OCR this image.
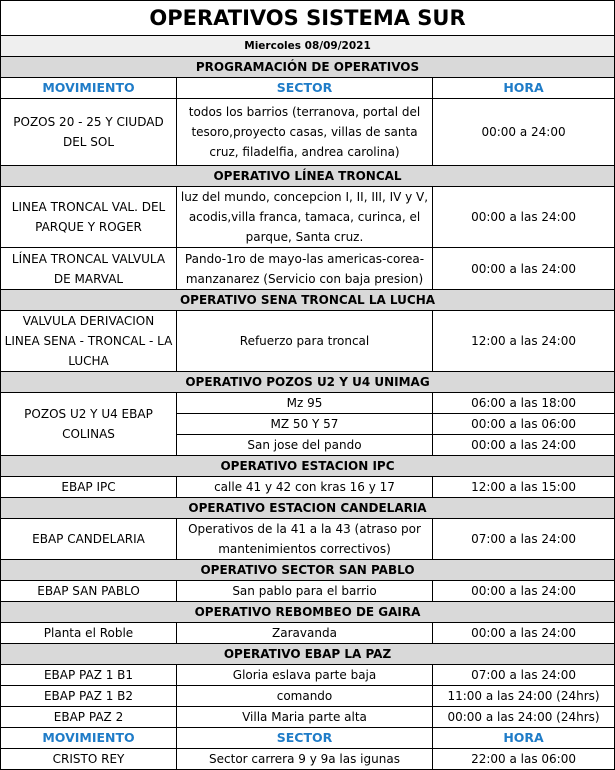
OPERATIVOS SISTEMA SUR		
Miercoles 08/09/2021		
PROGRAMACIÓN DE OPERATIVOS		
MOVIMIENTO	SECTOR	HORA
POZOS 20 - 25 Y CIUDAD DEL SOL	todos los barrios (terranova, portal del tesoro,proyecto casas, villas de santa cruz, filadelfia, andrea carolina)	00:00 a 24:00
OPERATIVO LÍNEA TRONCAL		
LINEA TRONCAL VAL. DEL PARQUE Y ROGER	luz del mundo, concepcion I, II, III, IV y V, acodis,villa franca, tamaca, curinca, el parque, Santa cruz.	00:00 a las 24:00
LÍNEA TRONCAL VALVULA DE MARVAL	Pando-1ro de mayo-las americas-corea-manzanarez (Servicio con baja presion)	00:00 a las 24:00
OPERATIVO SENA TRONCAL LA LUCHA		
VALVULA DERIVACION LINEA SENA - TRONCAL - LA LUCHA	Refuerzo para troncal	12:00 a las 24:00
OPERATIVO POZOS U2 Y U4 UNIMAG		
POZOS U2 Y U4 EBAP COLINAS	Mz 95	06:00 a las 18:00
	MZ 50 Y 57	00:00 a las 06:00
	San jose del pando	00:00 a las 24:00
OPERATIVO ESTACION IPC		
EBAP IPC	calle 41 y 42 con kras 16 y 17	12:00 a las 15:00
OPERATIVO ESTACION CANDELARIA		
EBAP CANDELARIA	Operativos de la 41 a la 43 (atraso por mantenimientos correctivos)	07:00 a las 24:00
OPERATIVO SECTOR SAN PABLO		
EBAP SAN PABLO	San pablo para el barrio	00:00 a las 24:00
OPERATIVO REBOMBEO DE GAIRA		
Planta el Roble	Zaravanda	00:00 a las 24:00
OPERATIVO EBAP LA PAZ		
EBAP PAZ 1 B1	Gloria eslava parte baja	07:00 a las 24:00
EBAP PAZ 1 B2	comando	11:00 a las 24:00 (24hrs)
EBAP PAZ 2	Villa Maria parte alta	00:00 a las 24:00 (24hrs)
MOVIMIENTO	SECTOR	HORA
CRISTO REY	Sector carrera 9 y 9a las igunas	22:00 a las 06:00
